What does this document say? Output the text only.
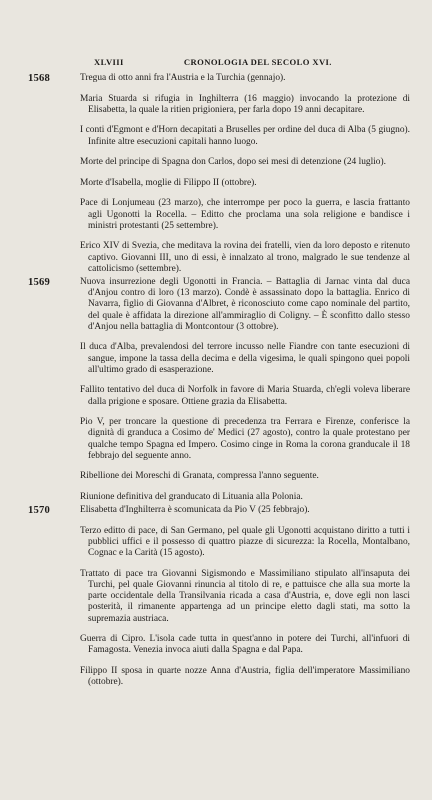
XLVIII	CRONOLOGIA DEL SECOLO XVI.
1568	Tregua di otto anni fra l'Austria e la Turchia (gennajo).

Maria Stuarda si rifugia in Inghilterra (16 maggio) invocando la protezione di Elisabetta, la quale la ritien prigioniera, per farla dopo 19 anni decapitare.

I conti d'Egmont e d'Horn decapitati a Bruselles per ordine del duca di Alba (5 giugno). Infinite altre esecuzioni capitali hanno luogo.

Morte del principe di Spagna don Carlos, dopo sei mesi di detenzione (24 luglio).

Morte d'Isabella, moglie di Filippo II (ottobre).

Pace di Lonjumeau (23 marzo), che interrompe per poco la guerra, e lascia frattanto agli Ugonotti la Rocella. – Editto che proclama una sola religione e bandisce i ministri protestanti (25 settembre).

Erico XIV di Svezia, che meditava la rovina dei fratelli, vien da loro deposto e ritenuto captivo. Giovanni III, uno di essi, è innalzato al trono, malgrado le sue tendenze al cattolicismo (settembre).

1569	Nuova insurrezione degli Ugonotti in Francia. – Battaglia di Jarnac vinta dal duca d'Anjou contro di loro (13 marzo). Condè è assassinato dopo la battaglia. Enrico di Navarra, figlio di Giovanna d'Albret, è riconosciuto come capo nominale del partito, del quale è affidata la direzione all'ammiraglio di Coligny. – È sconfitto dallo stesso d'Anjou nella battaglia di Montcontour (3 ottobre).

Il duca d'Alba, prevalendosi del terrore incusso nelle Fiandre con tante esecuzioni di sangue, impone la tassa della decima e della vigesima, le quali spingono quei popoli all'ultimo grado di esasperazione.

Fallito tentativo del duca di Norfolk in favore di Maria Stuarda, ch'egli voleva liberare dalla prigione e sposare. Ottiene grazia da Elisabetta.

Pio V, per troncare la questione di precedenza tra Ferrara e Firenze, conferisce la dignità di granduca a Cosimo de' Medici (27 agosto), contro la quale protestano per qualche tempo Spagna ed Impero. Cosimo cinge in Roma la corona granducale il 18 febbrajo del seguente anno.

Ribellione dei Moreschi di Granata, compressa l'anno seguente.

Riunione definitiva del granducato di Lituania alla Polonia.

1570	Elisabetta d'Inghilterra è scomunicata da Pio V (25 febbrajo).

Terzo editto di pace, di San Germano, pel quale gli Ugonotti acquistano diritto a tutti i pubblici uffici e il possesso di quattro piazze di sicurezza: la Rocella, Montalbano, Cognac e la Carità (15 agosto).

Trattato di pace tra Giovanni Sigismondo e Massimiliano stipulato all'insaputa dei Turchi, pel quale Giovanni rinuncia al titolo di re, e pattuisce che alla sua morte la parte occidentale della Transilvania ricada a casa d'Austria, e, dove egli non lasci posterità, il rimanente appartenga ad un principe eletto dagli stati, ma sotto la supremazia austriaca.

Guerra di Cipro. L'isola cade tutta in quest'anno in potere dei Turchi, all'infuori di Famagosta. Venezia invoca aiuti dalla Spagna e dal Papa.

Filippo II sposa in quarte nozze Anna d'Austria, figlia dell'imperatore Massimiliano (ottobre).
